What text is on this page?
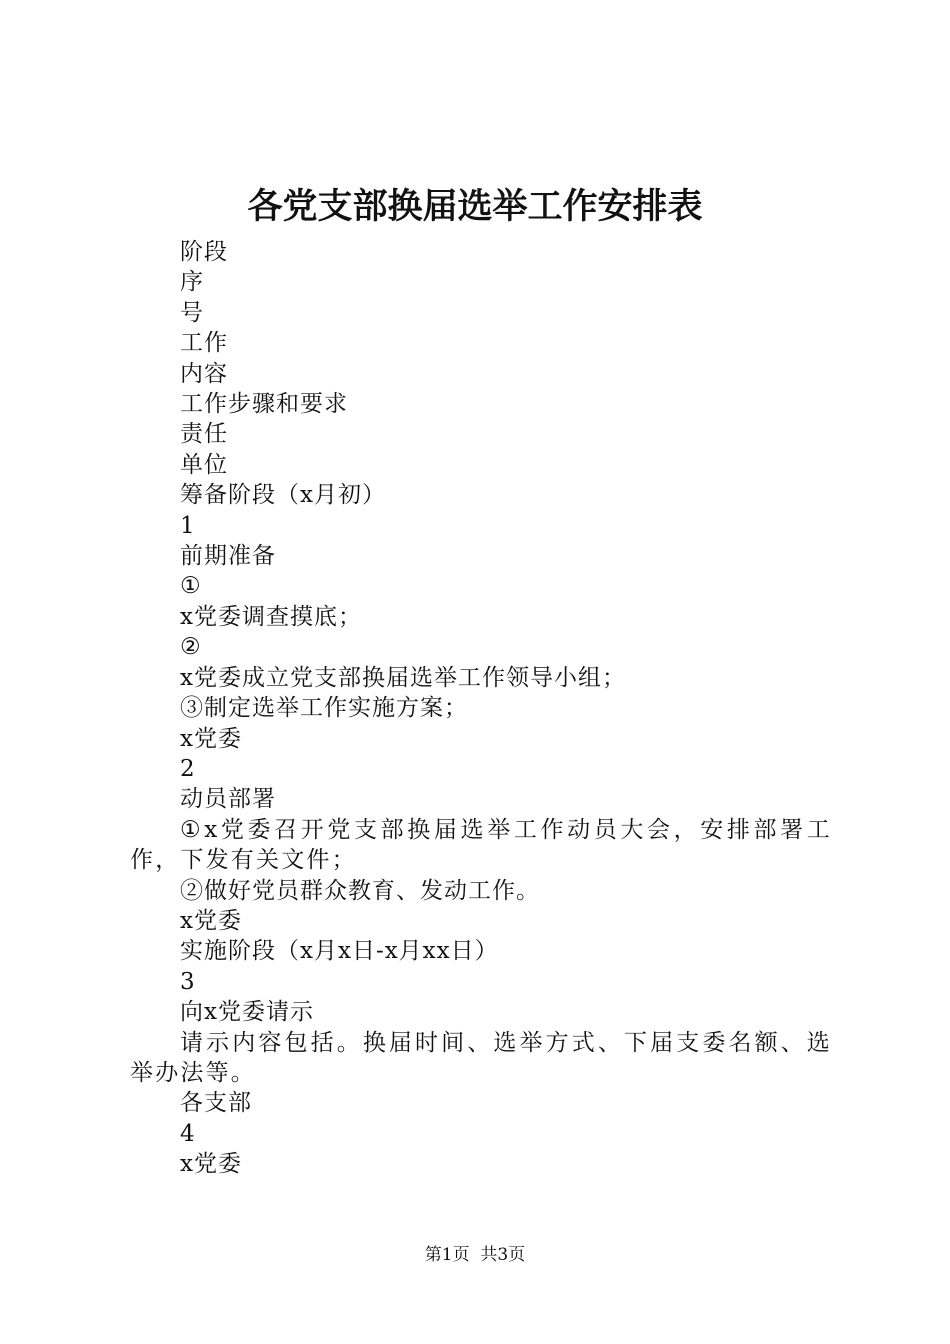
各党支部换届选举工作安排表

阶段

序

号

工作

内容

工作步骤和要求

责任

单位

筹备阶段（x月初）

1

前期准备

①

x党委调查摸底；

②

x党委成立党支部换届选举工作领导小组；

③制定选举工作实施方案；

x党委

2

动员部署

①x党委召开党支部换届选举工作动员大会，安排部署工作，下发有关文件；

②做好党员群众教育、发动工作。

x党委

实施阶段（x月x日-x月xx日）

3

向x党委请示

请示内容包括。换届时间、选举方式、下届支委名额、选举办法等。

各支部

4

x党委

第1页 共3页
